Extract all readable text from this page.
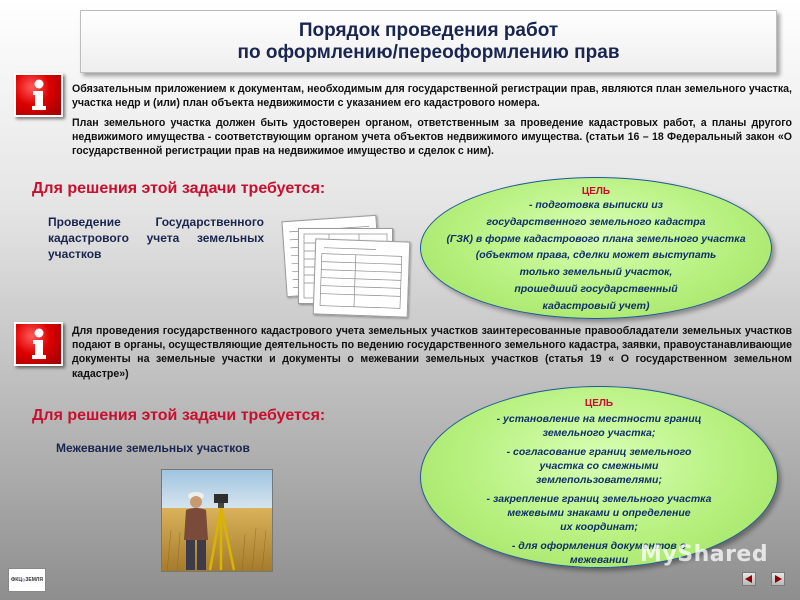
Порядок проведения работ
по оформлению/переоформлению прав
Обязательным приложением к документам, необходимым для государственной регистрации прав, являются план земельного участка, участка недр и (или) план объекта недвижимости с указанием его кадастрового номера.
План земельного участка должен быть удостоверен органом, ответственным за проведение кадастровых работ, а планы другого недвижимого имущества - соответствующим органом учета объектов недвижимого имущества. (статьи 16 – 18 Федеральный закон «О государственной регистрации прав на недвижимое имущество и сделок с ним).
Для решения этой задачи требуется:
Проведение Государственного кадастрового учета земельных участков
ЦЕЛЬ
- подготовка выписки из
государственного земельного кадастра
(ГЗК) в форме кадастрового плана земельного участка
(объектом права, сделки может выступать
только земельный участок,
прошедший государственный
кадастровый учет)
Для проведения государственного кадастрового учета земельных участков заинтересованные правообладатели земельных участков подают в органы, осуществляющие деятельность по ведению государственного земельного кадастра, заявки, правоустанавливающие документы на земельные участки и документы о межевании земельных участков (статья 19 « О государственном земельном кадастре»)
Для решения этой задачи требуется:
Межевание земельных участков
ЦЕЛЬ
- установление на местности границ
земельного участка;
- согласование границ земельного
участка со смежными
землепользователями;
- закрепление границ земельного участка
межевыми знаками и определение
их координат;
- для оформления документов о
межевании
ФКЦ ЗЕМЛЯ
MyShared
